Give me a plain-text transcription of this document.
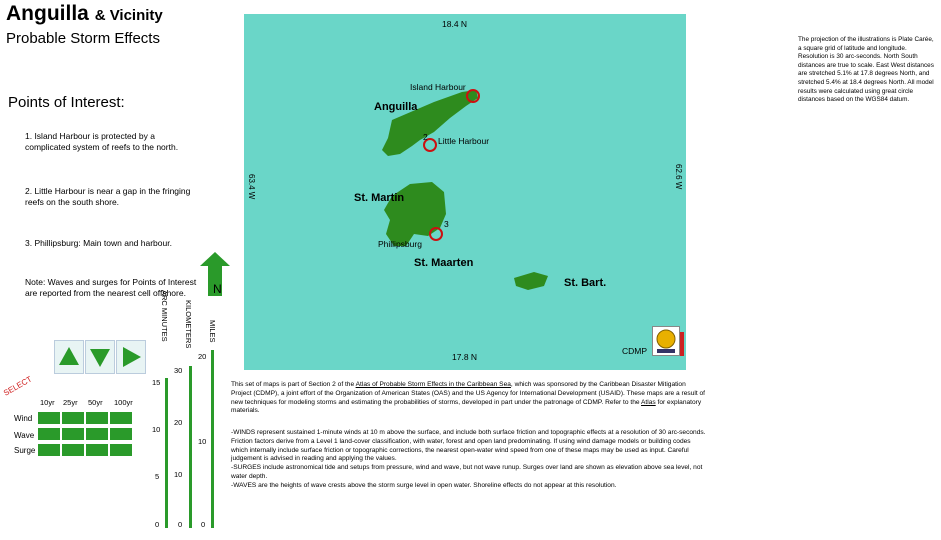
Anguilla & Vicinity
Probable Storm Effects
Points of Interest:
1. Island Harbour is protected by a complicated system of reefs to the north.
2. Little Harbour is near a gap in the fringing reefs on the south shore.
3. Phillipsburg: Main town and harbour.
Note: Waves and surges for Points of Interest are reported from the nearest cell offshore.
18.4 N
17.8 N
63.4 W	62.6 W
Island Harbour
Anguilla
2 Little Harbour
St. Martin
3
Phillipsburg
St. Maarten
St. Bart.
CDMP
The projection of the illustrations is Plate Carée, a square grid of latitude and longitude. Resolution is 30 arc-seconds. North South distances are true to scale. East West distances are stretched 5.1% at 17.8 degrees North, and stretched 5.4% at 18.4 degrees North. All model results were calculated using great circle distances based on the WGS84 datum.
N
ARC MINUTES KILOMETERS MILES
15
10
5
0
30
20
10
0
20
10
0
SELECT
10yr 25yr 50yr 100yr
Wind
Wave
Surge
This set of maps is part of Section 2 of the Atlas of Probable Storm Effects in the Caribbean Sea, which was sponsored by the Caribbean Disaster Mitigation Project (CDMP), a joint effort of the Organization of American States (OAS) and the US Agency for International Development (USAID). These maps are a result of new techniques for modeling storms and estimating the probabilities of storms, developed in part under the patronage of CDMP. Refer to the Atlas for explanatory materials.
-WINDS represent sustained 1-minute winds at 10 m above the surface, and include both surface friction and topographic effects at a resolution of 30 arc-seconds. Friction factors derive from a Level 1 land-cover classification, with water, forest and open land predominating. If using wind damage models or building codes which internally include surface friction or topographic corrections, the nearest open-water wind speed from one of these maps may be used as input. Careful judgement is advised in reading and applying the values.
-SURGES include astronomical tide and setups from pressure, wind and wave, but not wave runup. Surges over land are shown as elevation above sea level, not water depth.
-WAVES are the heights of wave crests above the storm surge level in open water. Shoreline effects do not appear at this resolution.
